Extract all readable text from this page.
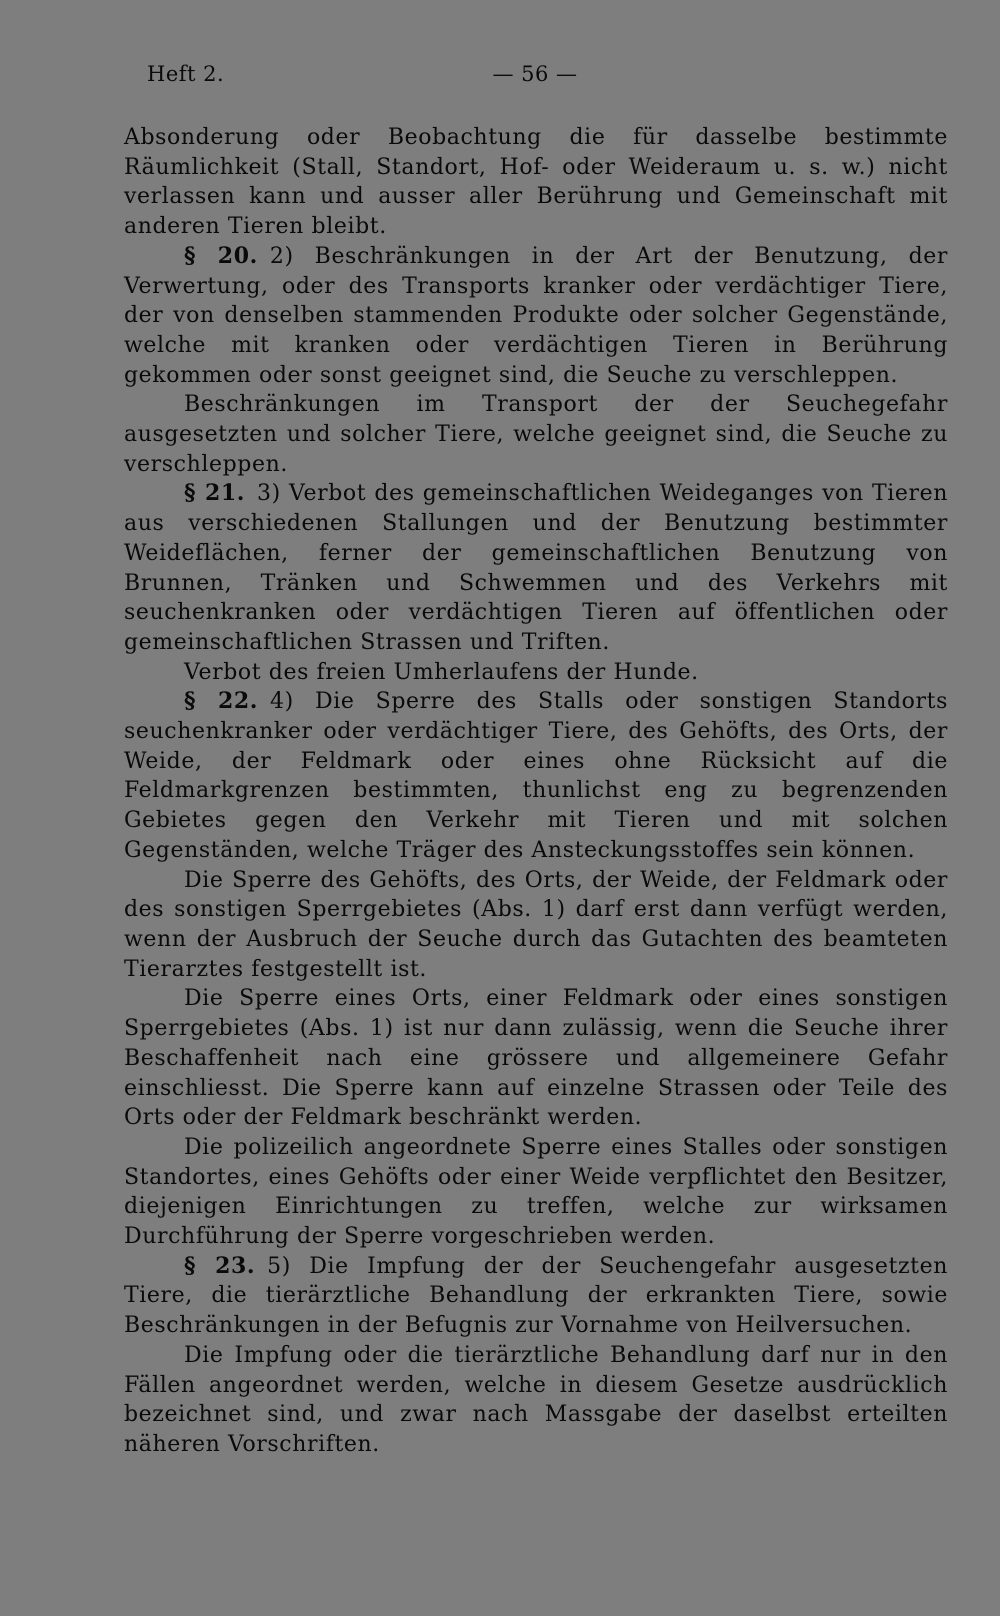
Heft 2.	— 56 —

Absonderung oder Beobachtung die für dasselbe bestimmte Räumlichkeit (Stall, Standort, Hof- oder Weideraum u. s. w.) nicht verlassen kann und ausser aller Berührung und Gemeinschaft mit anderen Tieren bleibt.

§ 20. 2) Beschränkungen in der Art der Benutzung, der Verwertung, oder des Transports kranker oder verdächtiger Tiere, der von denselben stammenden Produkte oder solcher Gegenstände, welche mit kranken oder verdächtigen Tieren in Berührung gekommen oder sonst geeignet sind, die Seuche zu verschleppen.

Beschränkungen im Transport der der Seuchegefahr ausgesetzten und solcher Tiere, welche geeignet sind, die Seuche zu verschleppen.

§ 21. 3) Verbot des gemeinschaftlichen Weideganges von Tieren aus verschiedenen Stallungen und der Benutzung bestimmter Weideflächen, ferner der gemeinschaftlichen Benutzung von Brunnen, Tränken und Schwemmen und des Verkehrs mit seuchenkranken oder verdächtigen Tieren auf öffentlichen oder gemeinschaftlichen Strassen und Triften.

Verbot des freien Umherlaufens der Hunde.

§ 22. 4) Die Sperre des Stalls oder sonstigen Standorts seuchenkranker oder verdächtiger Tiere, des Gehöfts, des Orts, der Weide, der Feldmark oder eines ohne Rücksicht auf die Feldmarkgrenzen bestimmten, thunlichst eng zu begrenzenden Gebietes gegen den Verkehr mit Tieren und mit solchen Gegenständen, welche Träger des Ansteckungsstoffes sein können.

Die Sperre des Gehöfts, des Orts, der Weide, der Feldmark oder des sonstigen Sperrgebietes (Abs. 1) darf erst dann verfügt werden, wenn der Ausbruch der Seuche durch das Gutachten des beamteten Tierarztes festgestellt ist.

Die Sperre eines Orts, einer Feldmark oder eines sonstigen Sperrgebietes (Abs. 1) ist nur dann zulässig, wenn die Seuche ihrer Beschaffenheit nach eine grössere und allgemeinere Gefahr einschliesst. Die Sperre kann auf einzelne Strassen oder Teile des Orts oder der Feldmark beschränkt werden.

Die polizeilich angeordnete Sperre eines Stalles oder sonstigen Standortes, eines Gehöfts oder einer Weide verpflichtet den Besitzer, diejenigen Einrichtungen zu treffen, welche zur wirksamen Durchführung der Sperre vorgeschrieben werden.

§ 23. 5) Die Impfung der der Seuchengefahr ausgesetzten Tiere, die tierärztliche Behandlung der erkrankten Tiere, sowie Beschränkungen in der Befugnis zur Vornahme von Heilversuchen.

Die Impfung oder die tierärztliche Behandlung darf nur in den Fällen angeordnet werden, welche in diesem Gesetze ausdrücklich bezeichnet sind, und zwar nach Massgabe der daselbst erteilten näheren Vorschriften.
